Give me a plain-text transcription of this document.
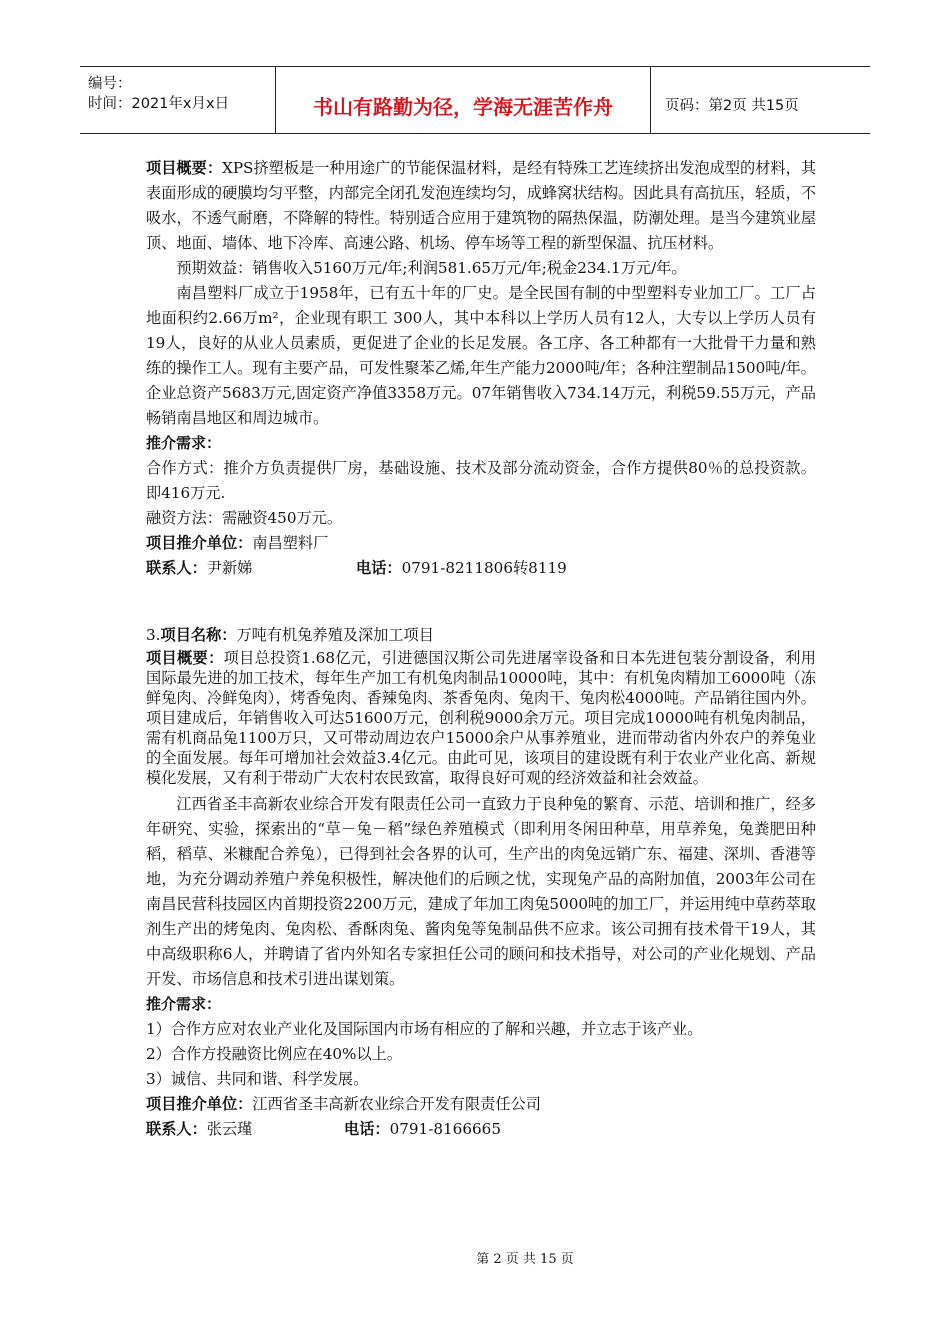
编号：
时间：2021年x月x日	书山有路勤为径，学海无涯苦作舟	页码：第2页 共15页

项目概要：XPS挤塑板是一种用途广的节能保温材料，是经有特殊工艺连续挤出发泡成型的材料，其表面形成的硬膜均匀平整，内部完全闭孔发泡连续均匀，成蜂窝状结构。因此具有高抗压，轻质，不吸水，不透气耐磨，不降解的特性。特别适合应用于建筑物的隔热保温，防潮处理。是当今建筑业屋顶、地面、墙体、地下冷库、高速公路、机场、停车场等工程的新型保温、抗压材料。

预期效益：销售收入5160万元/年;利润581.65万元/年;税金234.1万元/年。

南昌塑料厂成立于1958年，已有五十年的厂史。是全民国有制的中型塑料专业加工厂。工厂占地面积约2.66万m²，企业现有职工 300人，其中本科以上学历人员有12人，大专以上学历人员有19人，良好的从业人员素质，更促进了企业的长足发展。各工序、各工种都有一大批骨干力量和熟练的操作工人。现有主要产品，可发性聚苯乙烯,年生产能力2000吨/年；各种注塑制品1500吨/年。企业总资产5683万元,固定资产净值3358万元。07年销售收入734.14万元，利税59.55万元，产品畅销南昌地区和周边城市。

推介需求：

合作方式：推介方负责提供厂房，基础设施、技术及部分流动资金，合作方提供80％的总投资款。即416万元.

融资方法：需融资450万元。

项目推介单位：南昌塑料厂

联系人：尹新娣	电话：0791-8211806转8119

3.项目名称：万吨有机兔养殖及深加工项目

项目概要：项目总投资1.68亿元，引进德国汉斯公司先进屠宰设备和日本先进包装分割设备，利用国际最先进的加工技术，每年生产加工有机兔肉制品10000吨，其中：有机兔肉精加工6000吨（冻鲜兔肉、冷鲜兔肉），烤香兔肉、香辣兔肉、茶香兔肉、兔肉干、兔肉松4000吨。产品销往国内外。项目建成后，年销售收入可达51600万元，创利税9000余万元。项目完成10000吨有机兔肉制品，需有机商品兔1100万只，又可带动周边农户15000余户从事养殖业，进而带动省内外农户的养兔业的全面发展。每年可增加社会效益3.4亿元。由此可见，该项目的建设既有利于农业产业化高、新规模化发展，又有利于带动广大农村农民致富，取得良好可观的经济效益和社会效益。

江西省圣丰高新农业综合开发有限责任公司一直致力于良种兔的繁育、示范、培训和推广，经多年研究、实验，探索出的“草－兔－稻”绿色养殖模式（即利用冬闲田种草，用草养兔，兔粪肥田种稻，稻草、米糠配合养兔），已得到社会各界的认可，生产出的肉兔远销广东、福建、深圳、香港等地，为充分调动养殖户养兔积极性，解决他们的后顾之忧，实现兔产品的高附加值，2003年公司在南昌民营科技园区内首期投资2200万元，建成了年加工肉兔5000吨的加工厂，并运用纯中草药萃取剂生产出的烤兔肉、兔肉松、香酥肉兔、酱肉兔等兔制品供不应求。该公司拥有技术骨干19人，其中高级职称6人，并聘请了省内外知名专家担任公司的顾问和技术指导，对公司的产业化规划、产品开发、市场信息和技术引进出谋划策。

推介需求：

1）合作方应对农业产业化及国际国内市场有相应的了解和兴趣，并立志于该产业。

2）合作方投融资比例应在40%以上。

3）诚信、共同和谐、科学发展。

项目推介单位：江西省圣丰高新农业综合开发有限责任公司

联系人：张云瑾	电话：0791-8166665

第 2 页 共 15 页
